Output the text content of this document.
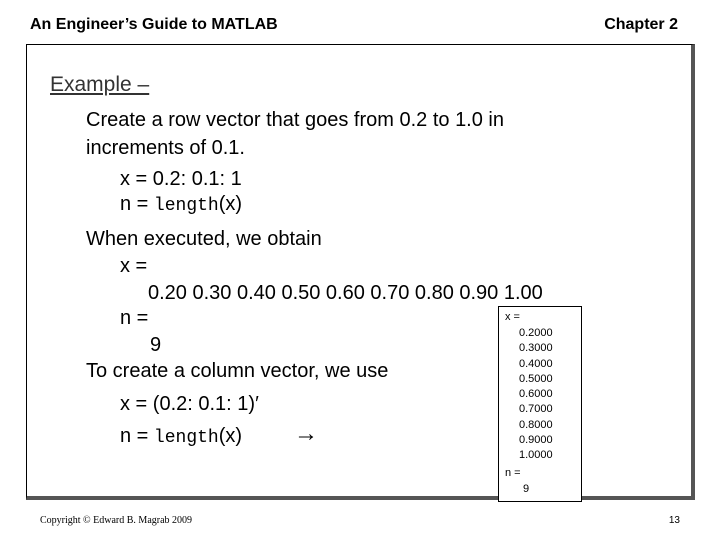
An Engineer’s Guide to MATLAB	Chapter 2
Example –
Create a row vector that goes from 0.2 to 1.0 in
increments of 0.1.
x = 0.2: 0.1: 1
n = length(x)
When executed, we obtain
x =
0.20 0.30 0.40 0.50 0.60 0.70 0.80 0.90 1.00
n =
9
To create a column vector, we use
x = (0.2: 0.1: 1)′
n = length(x) →
x =
0.2000
0.3000
0.4000
0.5000
0.6000
0.7000
0.8000
0.9000
1.0000
n =
9
Copyright © Edward B. Magrab 2009	13
